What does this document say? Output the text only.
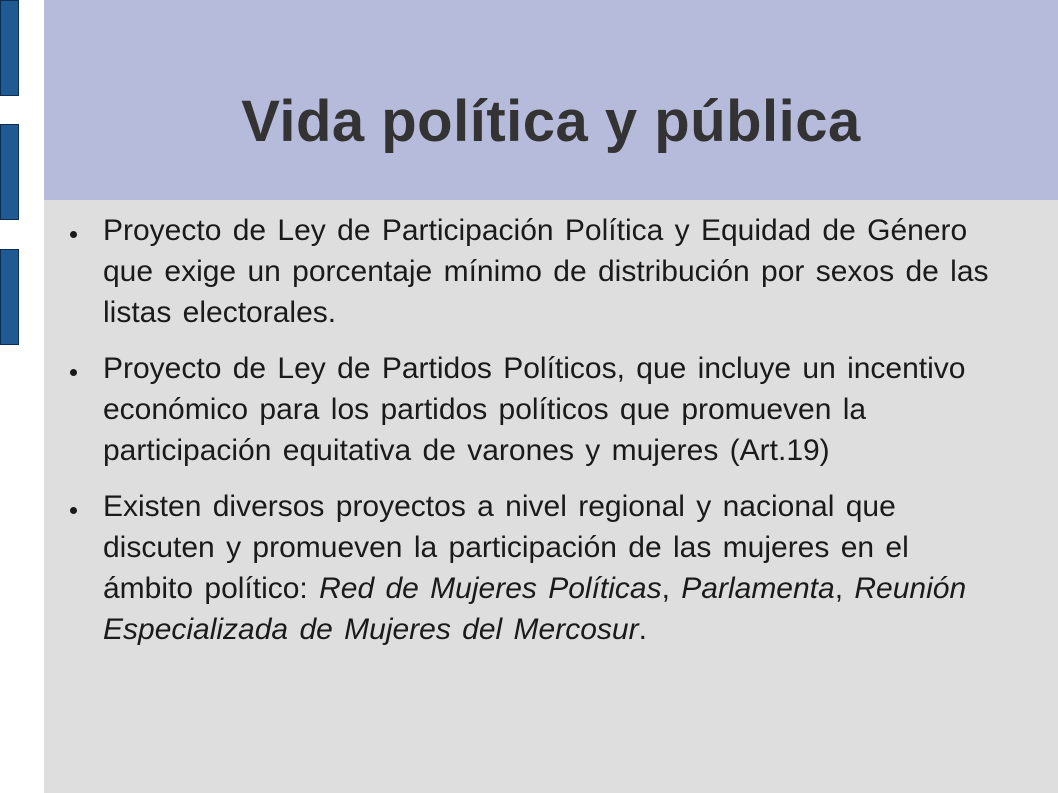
Vida política y pública
Proyecto de Ley de Participación Política y Equidad de Género que exige un porcentaje mínimo de distribución por sexos de las listas electorales.
Proyecto de Ley de Partidos Políticos, que incluye un incentivo económico para los partidos políticos que promueven la participación equitativa de varones y mujeres (Art.19)
Existen diversos proyectos a nivel regional y nacional que discuten y promueven la participación de las mujeres en el ámbito político: Red de Mujeres Políticas, Parlamenta, Reunión Especializada de Mujeres del Mercosur.
